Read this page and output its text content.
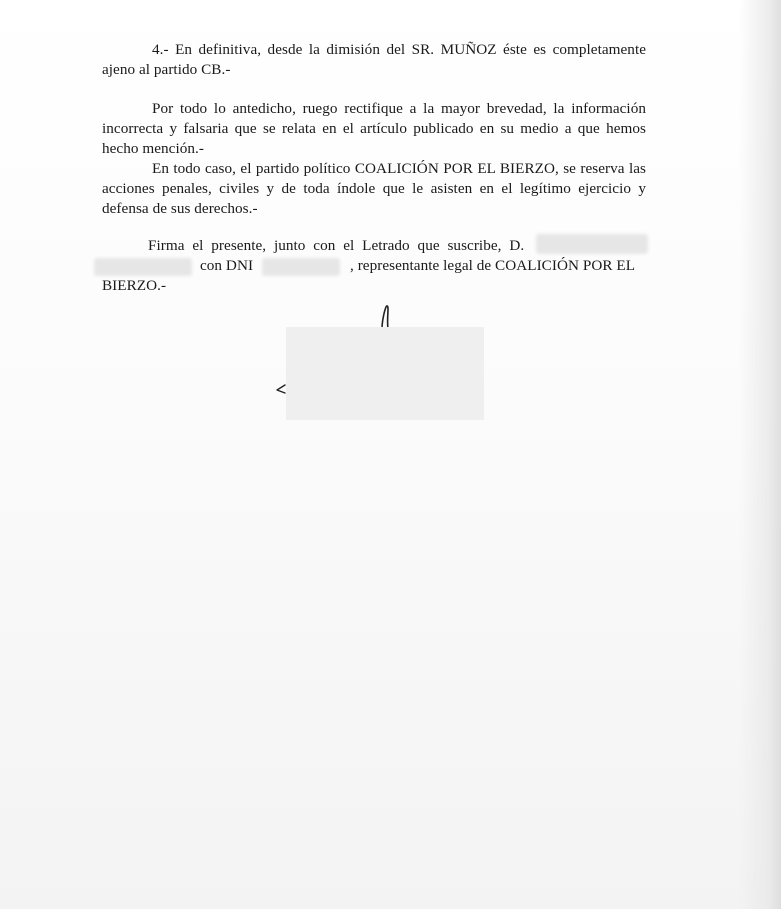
4.- En definitiva, desde la dimisión del SR. MUÑOZ éste es completamente ajeno al partido CB.-

Por todo lo antedicho, ruego rectifique a la mayor brevedad, la información incorrecta y falsaria que se relata en el artículo publicado en su medio a que hemos hecho mención.-

En todo caso, el partido político COALICIÓN POR EL BIERZO, se reserva las acciones penales, civiles y de toda índole que le asisten en el legítimo ejercicio y defensa de sus derechos.-

Firma el presente, junto con el Letrado que suscribe, D.
con DNI	, representante legal de COALICIÓN POR EL
BIERZO.-
